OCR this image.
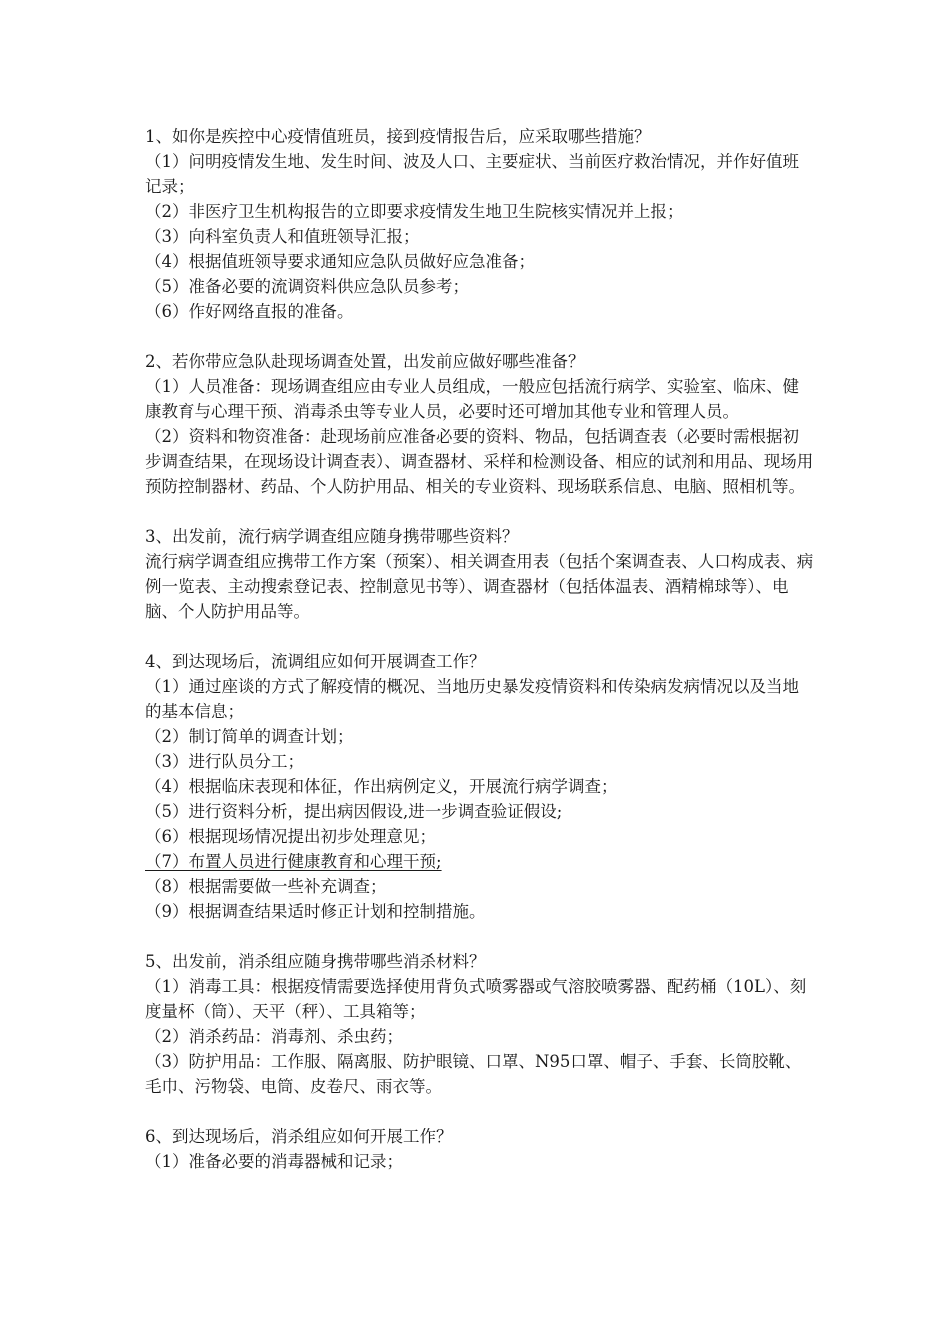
1、如你是疾控中心疫情值班员，接到疫情报告后，应采取哪些措施？
（1）问明疫情发生地、发生时间、波及人口、主要症状、当前医疗救治情况，并作好值班记录；
（2）非医疗卫生机构报告的立即要求疫情发生地卫生院核实情况并上报；
（3）向科室负责人和值班领导汇报；
（4）根据值班领导要求通知应急队员做好应急准备；
（5）准备必要的流调资料供应急队员参考；
（6）作好网络直报的准备。
2、若你带应急队赴现场调查处置，出发前应做好哪些准备？
（1）人员准备：现场调查组应由专业人员组成，一般应包括流行病学、实验室、临床、健康教育与心理干预、消毒杀虫等专业人员，必要时还可增加其他专业和管理人员。
（2）资料和物资准备：赴现场前应准备必要的资料、物品，包括调查表（必要时需根据初步调查结果，在现场设计调查表）、调查器材、采样和检测设备、相应的试剂和用品、现场用预防控制器材、药品、个人防护用品、相关的专业资料、现场联系信息、电脑、照相机等。
3、出发前，流行病学调查组应随身携带哪些资料？
流行病学调查组应携带工作方案（预案）、相关调查用表（包括个案调查表、人口构成表、病例一览表、主动搜索登记表、控制意见书等）、调查器材（包括体温表、酒精棉球等）、电脑、个人防护用品等。
4、到达现场后，流调组应如何开展调查工作？
（1）通过座谈的方式了解疫情的概况、当地历史暴发疫情资料和传染病发病情况以及当地的基本信息；
（2）制订简单的调查计划；
（3）进行队员分工；
（4）根据临床表现和体征，作出病例定义，开展流行病学调查；
（5）进行资料分析，提出病因假设,进一步调查验证假设;
（6）根据现场情况提出初步处理意见；
（7）布置人员进行健康教育和心理干预;
（8）根据需要做一些补充调查；
（9）根据调查结果适时修正计划和控制措施。
5、出发前，消杀组应随身携带哪些消杀材料？
（1）消毒工具：根据疫情需要选择使用背负式喷雾器或气溶胶喷雾器、配药桶（10L）、刻度量杯（筒）、天平（秤）、工具箱等；
（2）消杀药品：消毒剂、杀虫药；
（3）防护用品：工作服、隔离服、防护眼镜、口罩、N95口罩、帽子、手套、长筒胶靴、毛巾、污物袋、电筒、皮卷尺、雨衣等。
6、到达现场后，消杀组应如何开展工作？
（1）准备必要的消毒器械和记录；
